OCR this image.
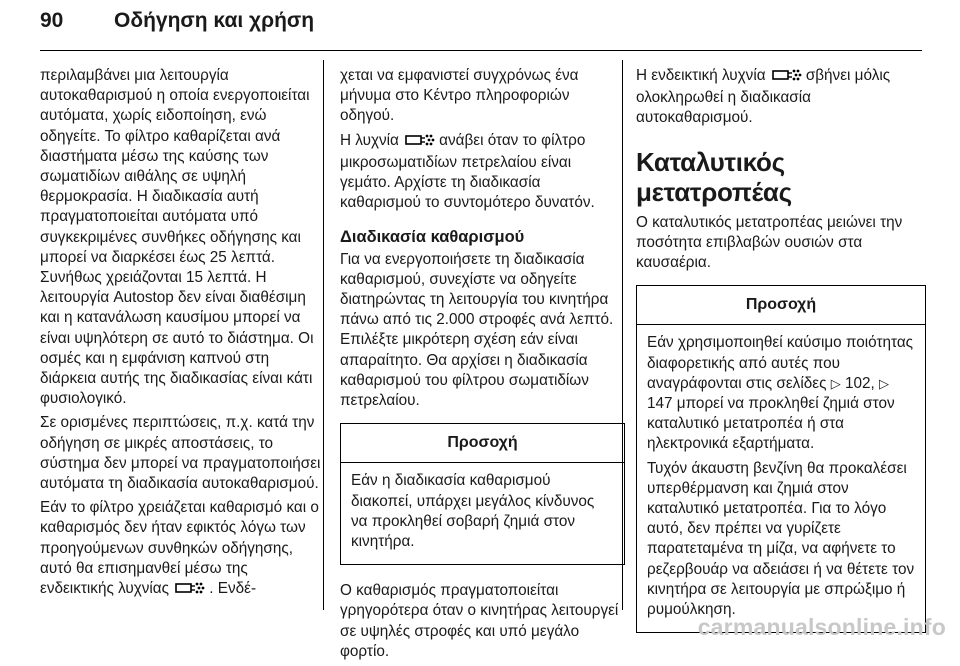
90 Οδήγηση και χρήση

περιλαμβάνει μια λειτουργία αυτοκαθαρισμού η οποία ενεργοποιείται αυτόματα, χωρίς ειδοποίηση, ενώ οδηγείτε. Το φίλτρο καθαρίζεται ανά διαστήματα μέσω της καύσης των σωματιδίων αιθάλης σε υψηλή θερμοκρασία. Η διαδικασία αυτή πραγματοποιείται αυτόματα υπό συγκεκριμένες συνθήκες οδήγησης και μπορεί να διαρκέσει έως 25 λεπτά. Συνήθως χρειάζονται 15 λεπτά. Η λειτουργία Autostop δεν είναι διαθέσιμη και η κατανάλωση καυσίμου μπορεί να είναι υψηλότερη σε αυτό το διάστημα. Οι οσμές και η εμφάνιση καπνού στη διάρκεια αυτής της διαδικασίας είναι κάτι φυσιολογικό.

Σε ορισμένες περιπτώσεις, π.χ. κατά την οδήγηση σε μικρές αποστάσεις, το σύστημα δεν μπορεί να πραγματοποιήσει αυτόματα τη διαδικασία αυτοκαθαρισμού.

Εάν το φίλτρο χρειάζεται καθαρισμό και ο καθαρισμός δεν ήταν εφικτός λόγω των προηγούμενων συνθηκών οδήγησης, αυτό θα επισημανθεί μέσω της ενδεικτικής λυχνίας	. Ενδέ-

χεται να εμφανιστεί συγχρόνως ένα μήνυμα στο Κέντρο πληροφοριών οδηγού.

Η λυχνία	ανάβει όταν το φίλτρο μικροσωματιδίων πετρελαίου είναι γεμάτο. Αρχίστε τη διαδικασία καθαρισμού το συντομότερο δυνατόν.

Διαδικασία καθαρισμού

Για να ενεργοποιήσετε τη διαδικασία καθαρισμού, συνεχίστε να οδηγείτε διατηρώντας τη λειτουργία του κινητήρα πάνω από τις 2.000 στροφές ανά λεπτό. Επιλέξτε μικρότερη σχέση εάν είναι απαραίτητο. Θα αρχίσει η διαδικασία καθαρισμού του φίλτρου σωματιδίων πετρελαίου.

Προσοχή

Εάν η διαδικασία καθαρισμού διακοπεί, υπάρχει μεγάλος κίνδυνος να προκληθεί σοβαρή ζημιά στον κινητήρα.

Ο καθαρισμός πραγματοποιείται γρηγορότερα όταν ο κινητήρας λειτουργεί σε υψηλές στροφές και υπό μεγάλο φορτίο.

Η ενδεικτική λυχνία	σβήνει μόλις ολοκληρωθεί η διαδικασία αυτοκαθαρισμού.

Καταλυτικός μετατροπέας

Ο καταλυτικός μετατροπέας μειώνει την ποσότητα επιβλαβών ουσιών στα καυσαέρια.

Προσοχή

Εάν χρησιμοποιηθεί καύσιμο ποιότητας διαφορετικής από αυτές που αναγράφονται στις σελίδες ▷ 102, ▷ 147 μπορεί να προκληθεί ζημιά στον καταλυτικό μετατροπέα ή στα ηλεκτρονικά εξαρτήματα.

Τυχόν άκαυστη βενζίνη θα προκαλέσει υπερθέρμανση και ζημιά στον καταλυτικό μετατροπέα. Για το λόγο αυτό, δεν πρέπει να γυρίζετε παρατεταμένα τη μίζα, να αφήνετε το ρεζερβουάρ να αδειάσει ή να θέτετε τον κινητήρα σε λειτουργία με σπρώξιμο ή ρυμούλκηση.

carmanualsonline.info
